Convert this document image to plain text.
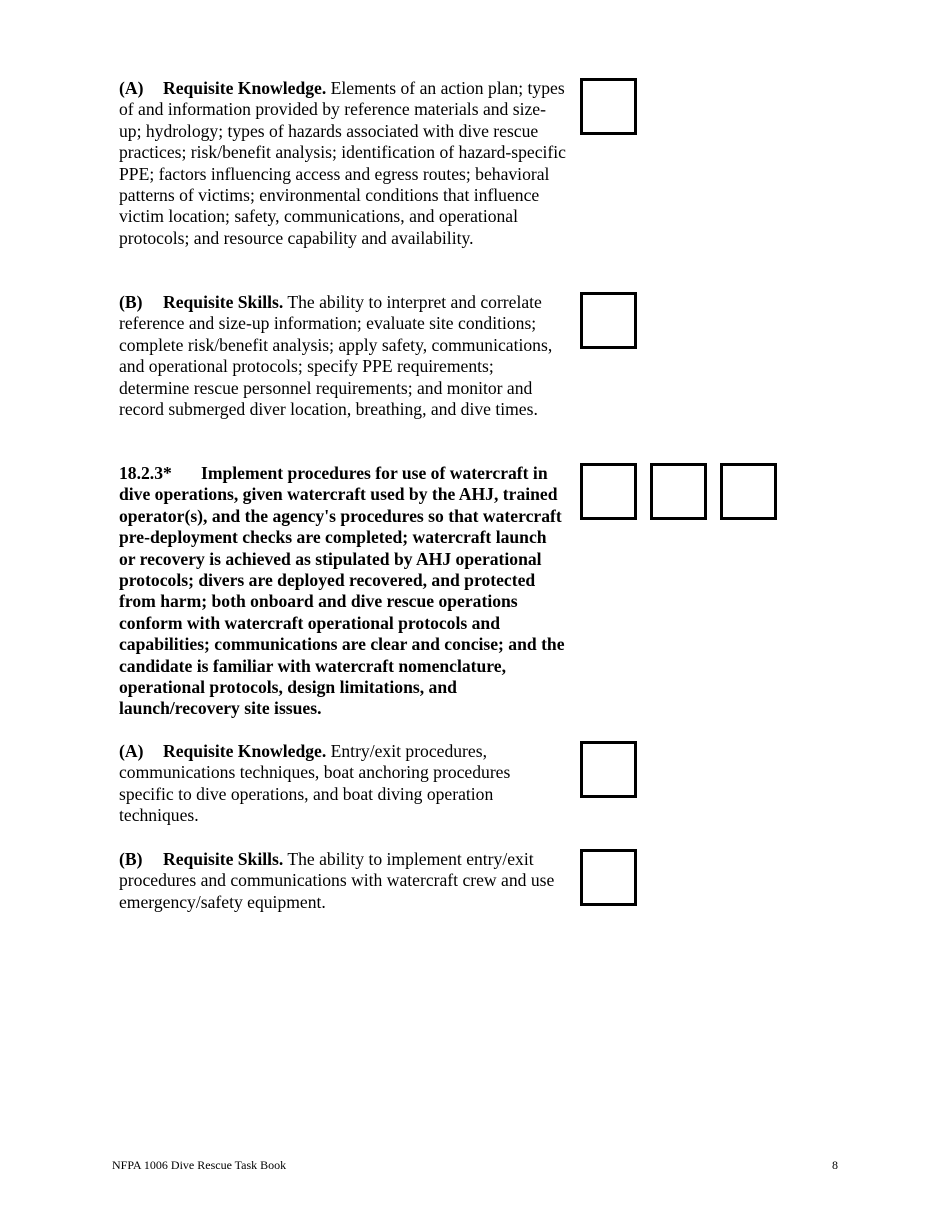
(A) Requisite Knowledge. Elements of an action plan; types of and information provided by reference materials and size-up; hydrology; types of hazards associated with dive rescue practices; risk/benefit analysis; identification of hazard-specific PPE; factors influencing access and egress routes; behavioral patterns of victims; environmental conditions that influence victim location; safety, communications, and operational protocols; and resource capability and availability.

(B) Requisite Skills. The ability to interpret and correlate reference and size-up information; evaluate site conditions; complete risk/benefit analysis; apply safety, communications, and operational protocols; specify PPE requirements; determine rescue personnel requirements; and monitor and record submerged diver location, breathing, and dive times.

18.2.3* Implement procedures for use of watercraft in dive operations, given watercraft used by the AHJ, trained operator(s), and the agency's procedures so that watercraft pre-deployment checks are completed; watercraft launch or recovery is achieved as stipulated by AHJ operational protocols; divers are deployed recovered, and protected from harm; both onboard and dive rescue operations conform with watercraft operational protocols and capabilities; communications are clear and concise; and the candidate is familiar with watercraft nomenclature, operational protocols, design limitations, and launch/recovery site issues.

(A) Requisite Knowledge. Entry/exit procedures, communications techniques, boat anchoring procedures specific to dive operations, and boat diving operation techniques.

(B) Requisite Skills. The ability to implement entry/exit procedures and communications with watercraft crew and use emergency/safety equipment.

NFPA 1006 Dive Rescue Task Book	8
